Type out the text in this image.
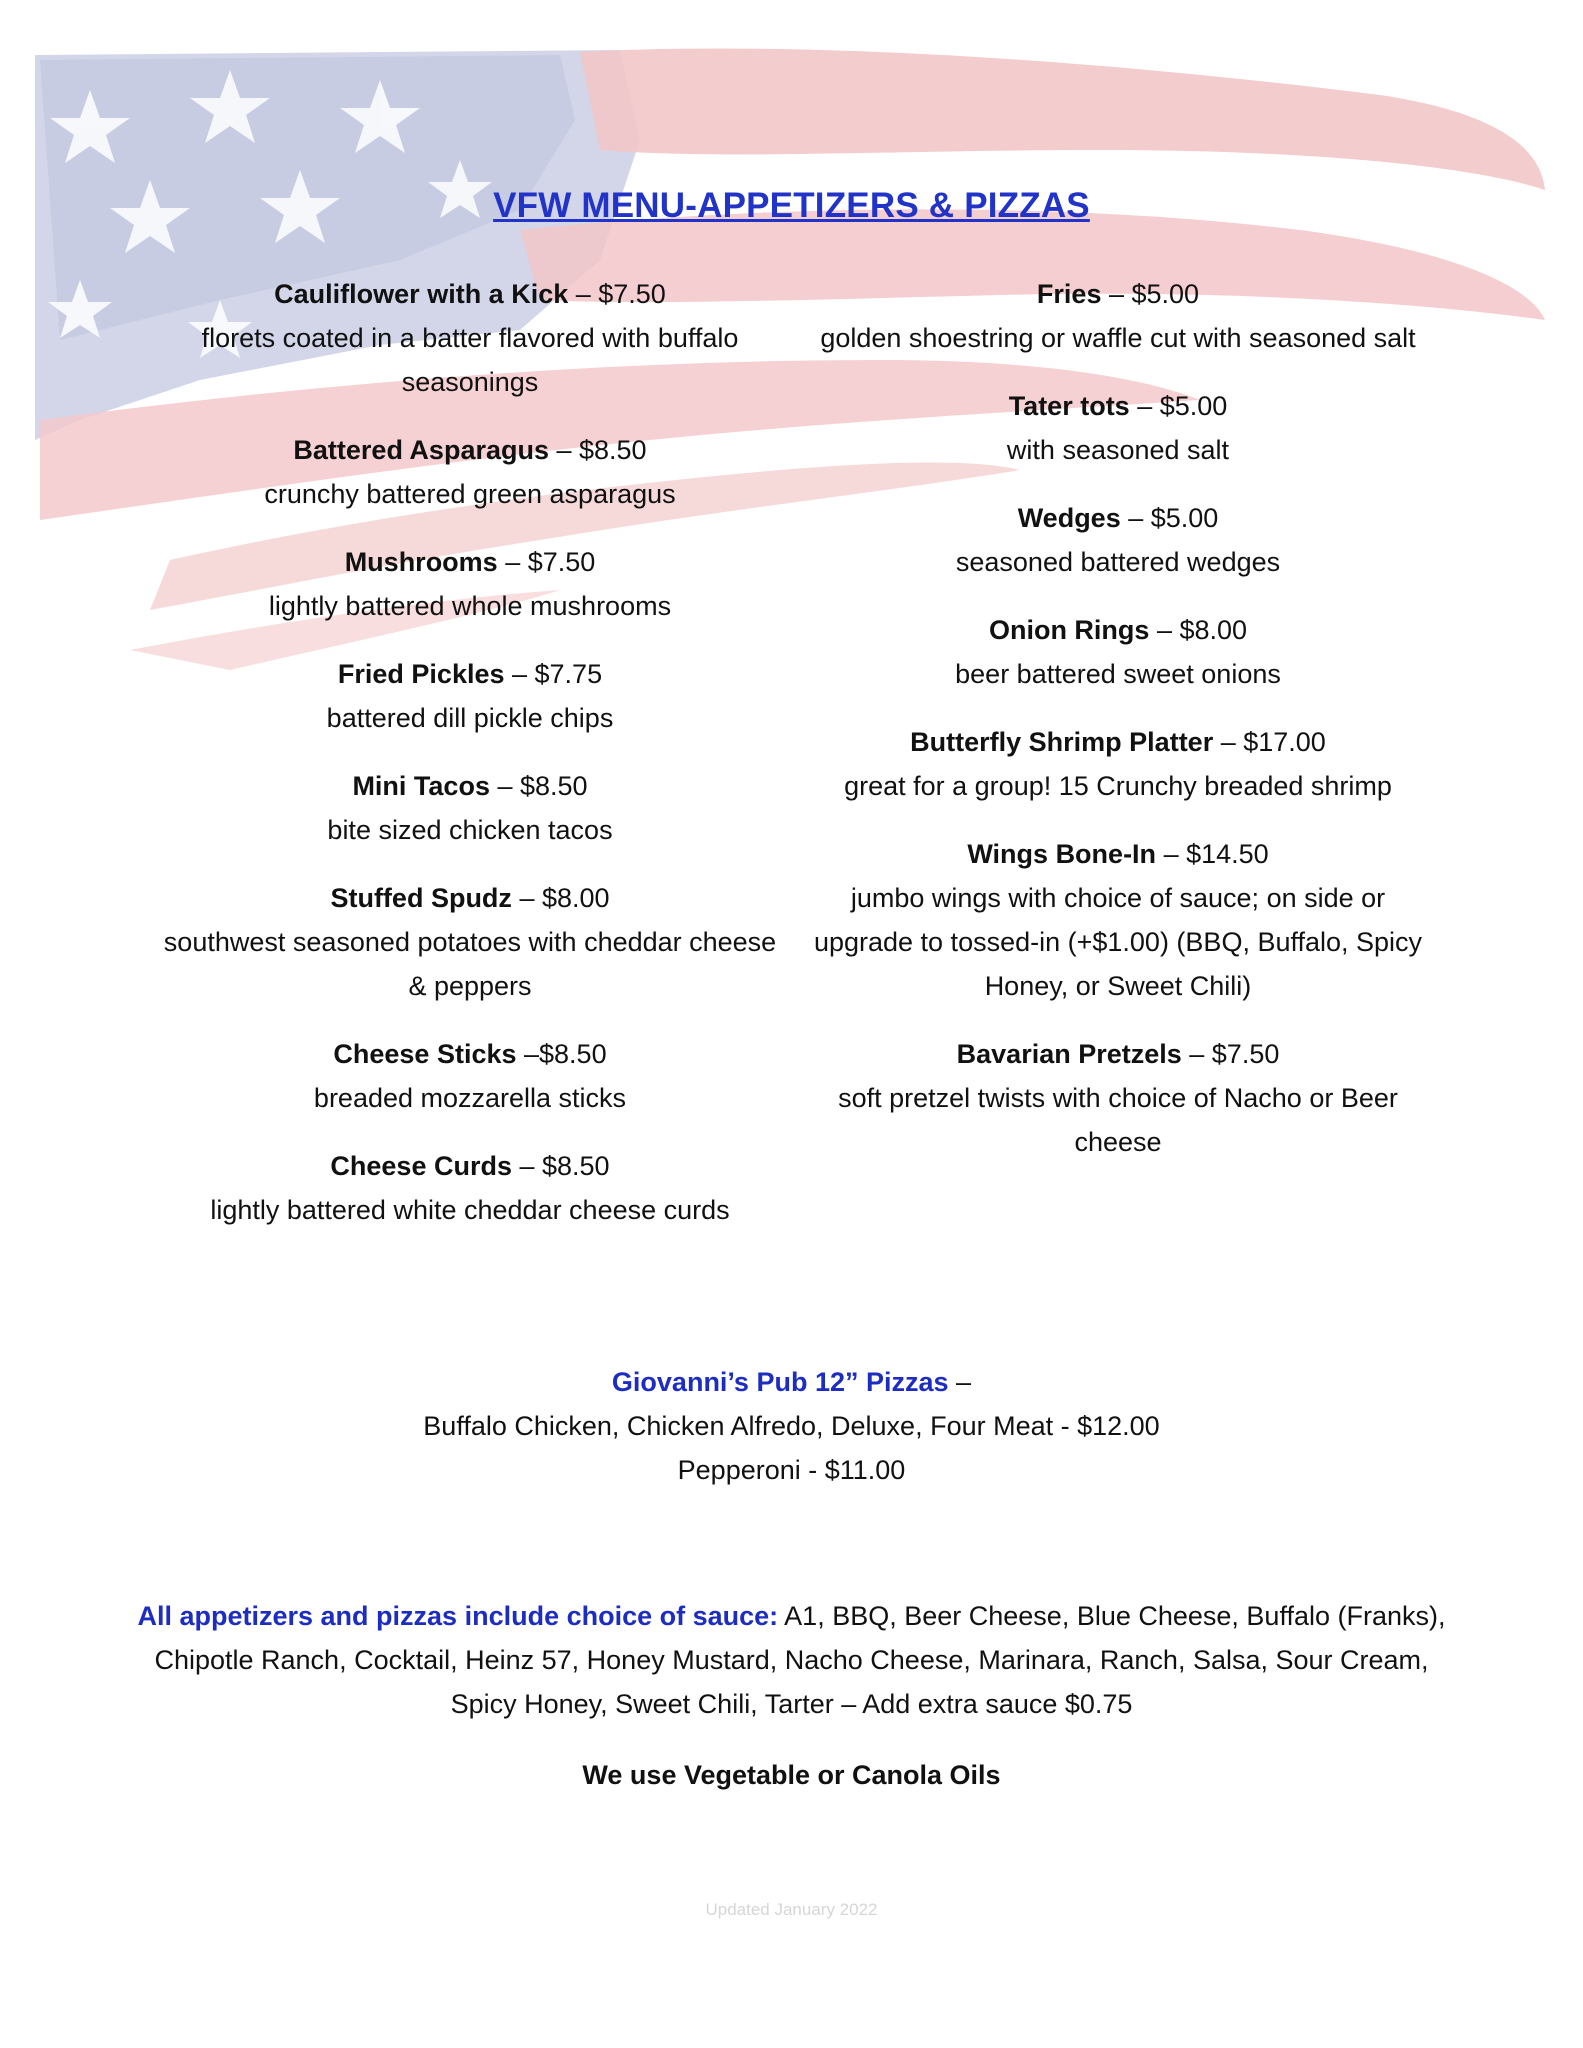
VFW MENU-APPETIZERS & PIZZAS
Cauliflower with a Kick – $7.50
florets coated in a batter flavored with buffalo seasonings
Battered Asparagus – $8.50
crunchy battered green asparagus
Mushrooms – $7.50
lightly battered whole mushrooms
Fried Pickles – $7.75
battered dill pickle chips
Mini Tacos – $8.50
bite sized chicken tacos
Stuffed Spudz – $8.00
southwest seasoned potatoes with cheddar cheese & peppers
Cheese Sticks –$8.50
breaded mozzarella sticks
Cheese Curds – $8.50
lightly battered white cheddar cheese curds
Fries – $5.00
golden shoestring or waffle cut with seasoned salt
Tater tots – $5.00
with seasoned salt
Wedges – $5.00
seasoned battered wedges
Onion Rings – $8.00
beer battered sweet onions
Butterfly Shrimp Platter – $17.00
great for a group! 15 Crunchy breaded shrimp
Wings Bone-In – $14.50
jumbo wings with choice of sauce; on side or upgrade to tossed-in (+$1.00) (BBQ, Buffalo, Spicy Honey, or Sweet Chili)
Bavarian Pretzels – $7.50
soft pretzel twists with choice of Nacho or Beer cheese
Giovanni’s Pub 12” Pizzas –
Buffalo Chicken, Chicken Alfredo, Deluxe, Four Meat - $12.00
Pepperoni - $11.00
All appetizers and pizzas include choice of sauce: A1, BBQ, Beer Cheese, Blue Cheese, Buffalo (Franks), Chipotle Ranch, Cocktail, Heinz 57, Honey Mustard, Nacho Cheese, Marinara, Ranch, Salsa, Sour Cream, Spicy Honey, Sweet Chili, Tarter – Add extra sauce $0.75
We use Vegetable or Canola Oils
Updated January 2022
